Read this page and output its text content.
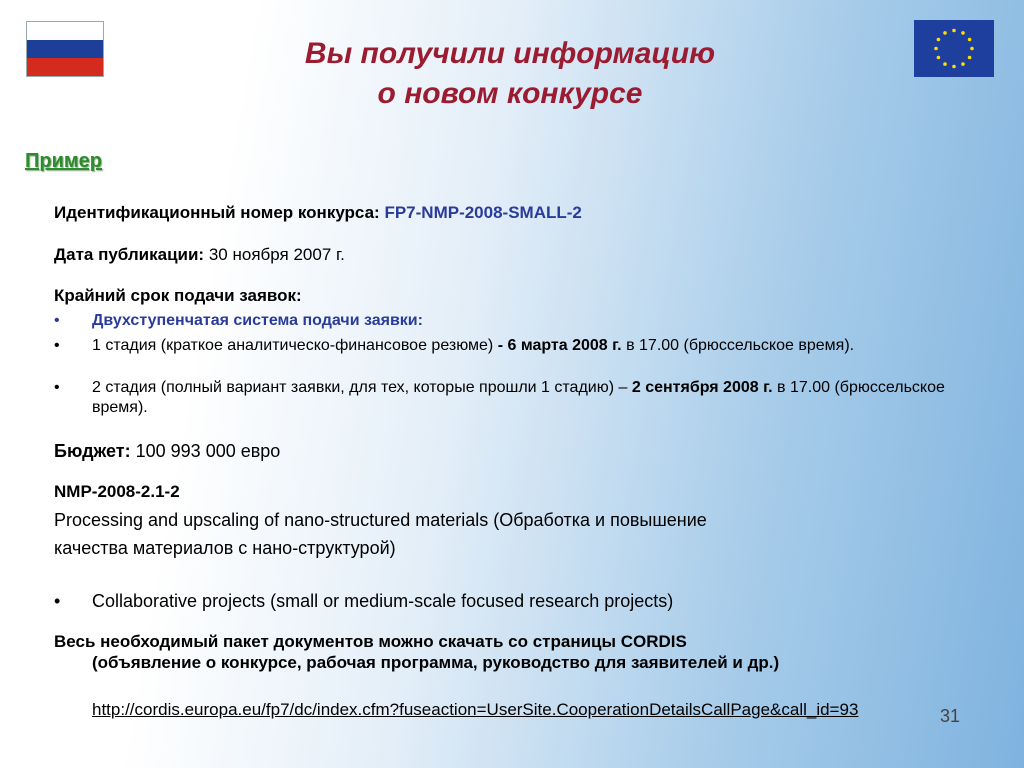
Вы получили информацию
о новом конкурсе
Пример
Идентификационный номер конкурса: FP7-NMP-2008-SMALL-2
Дата публикации: 30 ноября 2007 г.
Крайний срок подачи заявок:
• Двухступенчатая система подачи заявки:
• 1 стадия (краткое аналитическо-финансовое резюме) - 6 марта 2008 г. в 17.00 (брюссельское время).
• 2 стадия (полный вариант заявки, для тех, которые прошли 1 стадию) – 2 сентября 2008 г. в 17.00 (брюссельское время).
Бюджет: 100 993 000 евро
NMP-2008-2.1-2
Processing and upscaling of nano-structured materials (Обработка и повышение
качества материалов с нано-структурой)
• Collaborative projects (small or medium-scale focused research projects)
Весь необходимый пакет документов можно скачать со страницы CORDIS
(объявление о конкурсе, рабочая программа, руководство для заявителей и др.)
http://cordis.europa.eu/fp7/dc/index.cfm?fuseaction=UserSite.CooperationDetailsCallPage&call_id=93	31
